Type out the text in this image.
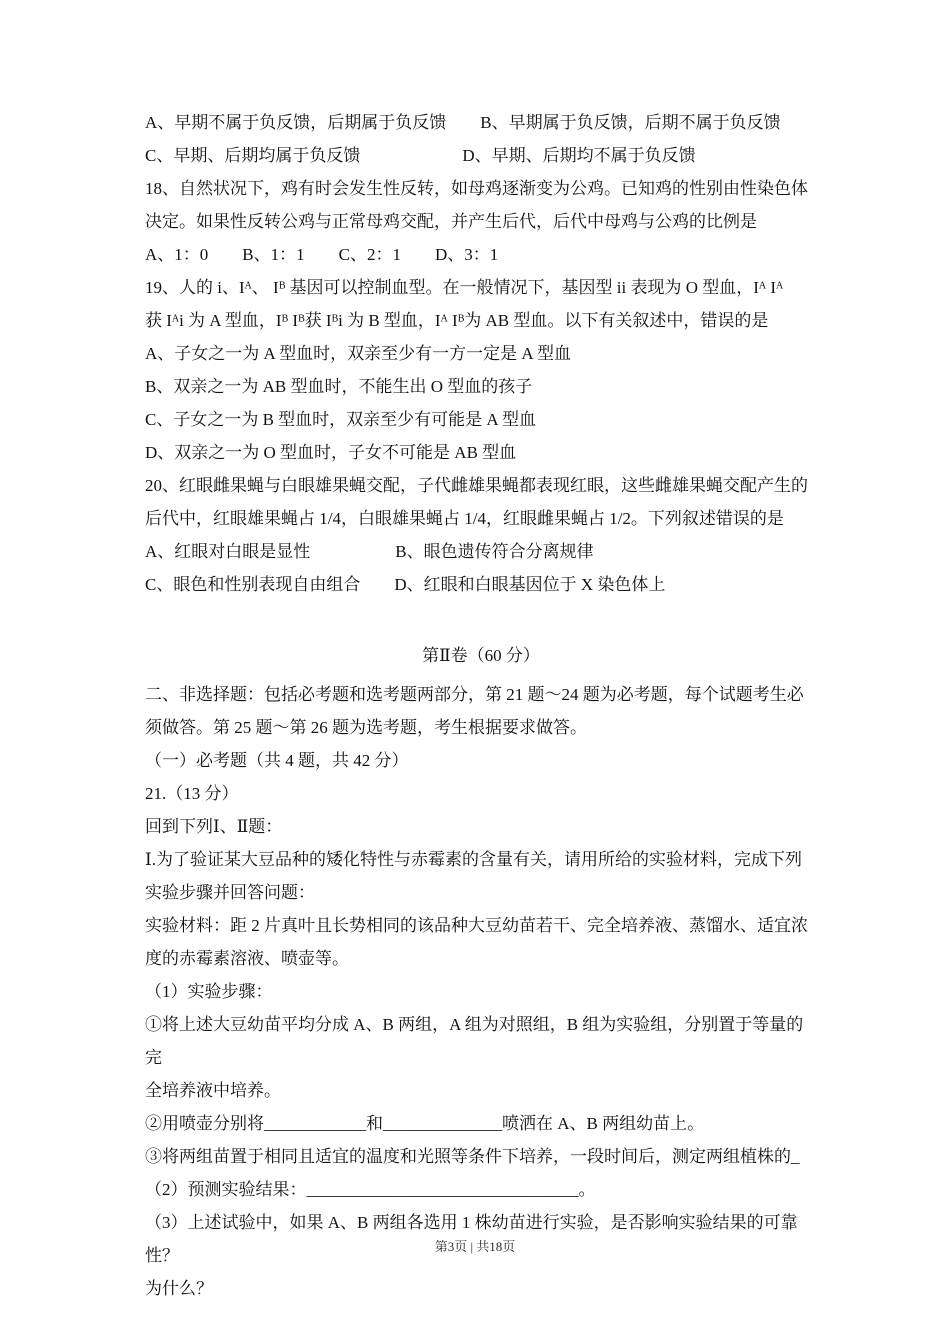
A、早期不属于负反馈，后期属于负反馈　　B、早期属于负反馈，后期不属于负反馈
C、早期、后期均属于负反馈　　　　　　D、早期、后期均不属于负反馈
18、自然状况下，鸡有时会发生性反转，如母鸡逐渐变为公鸡。已知鸡的性别由性染色体
决定。如果性反转公鸡与正常母鸡交配，并产生后代，后代中母鸡与公鸡的比例是
A、1：0　　B、1：1　　C、2：1　　D、3：1
19、人的 i、Iᴬ、 Iᴮ 基因可以控制血型。在一般情况下，基因型 ii 表现为 O 型血，Iᴬ Iᴬ
获 Iᴬi 为 A 型血，Iᴮ Iᴮ获 Iᴮi 为 B 型血，Iᴬ Iᴮ为 AB 型血。以下有关叙述中，错误的是
A、子女之一为 A 型血时，双亲至少有一方一定是 A 型血
B、双亲之一为 AB 型血时，不能生出 O 型血的孩子
C、子女之一为 B 型血时，双亲至少有可能是 A 型血
D、双亲之一为 O 型血时，子女不可能是 AB 型血
20、红眼雌果蝇与白眼雄果蝇交配，子代雌雄果蝇都表现红眼，这些雌雄果蝇交配产生的
后代中，红眼雄果蝇占 1/4，白眼雄果蝇占 1/4，红眼雌果蝇占 1/2。下列叙述错误的是
A、红眼对白眼是显性　　　　　B、眼色遗传符合分离规律
C、眼色和性别表现自由组合　　D、红眼和白眼基因位于 X 染色体上
第Ⅱ卷（60 分）
二、非选择题：包括必考题和选考题两部分，第 21 题～24 题为必考题，每个试题考生必
须做答。第 25 题～第 26 题为选考题，考生根据要求做答。
（一）必考题（共 4 题，共 42 分）
21.（13 分）
回到下列Ⅰ、Ⅱ题：
Ⅰ.为了验证某大豆品种的矮化特性与赤霉素的含量有关，请用所给的实验材料，完成下列
实验步骤并回答问题：
实验材料：距 2 片真叶且长势相同的该品种大豆幼苗若干、完全培养液、蒸馏水、适宜浓
度的赤霉素溶液、喷壶等。
（1）实验步骤：
①将上述大豆幼苗平均分成 A、B 两组，A 组为对照组，B 组为实验组，分别置于等量的完
全培养液中培养。
②用喷壶分别将____________和______________喷洒在 A、B 两组幼苗上。
③将两组苗置于相同且适宜的温度和光照等条件下培养，一段时间后，测定两组植株的_
（2）预测实验结果：________________________________。
（3）上述试验中，如果 A、B 两组各选用 1 株幼苗进行实验，是否影响实验结果的可靠性？
为什么？
第3页 | 共18页
